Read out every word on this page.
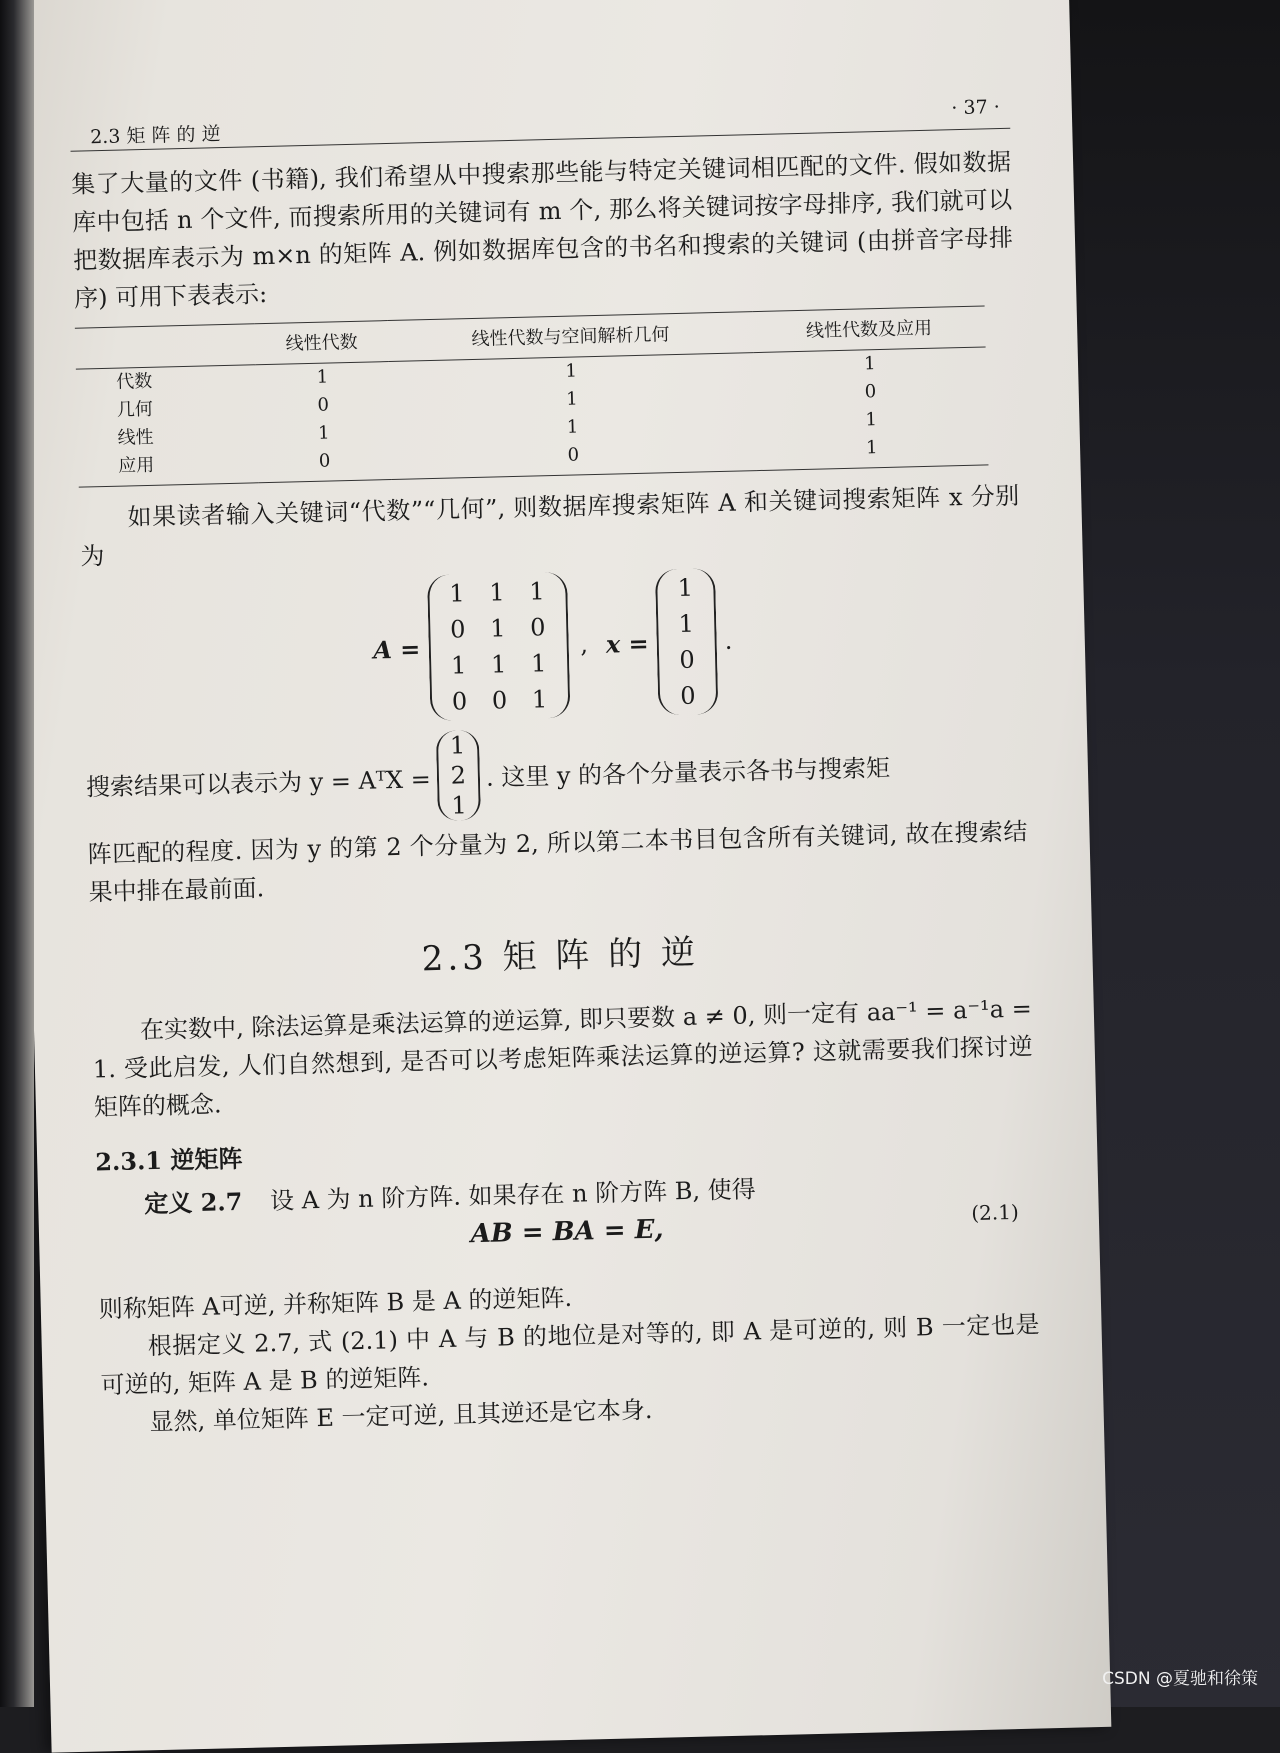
2.3 矩 阵 的 逆
· 37 ·

集了大量的文件 (书籍), 我们希望从中搜索那些能与特定关键词相匹配的文件. 假如数据库中包括 n 个文件, 而搜索所用的关键词有 m 个, 那么将关键词按字母排序, 我们就可以把数据库表示为 m×n 的矩阵 A. 例如数据库包含的书名和搜索的关键词 (由拼音字母排序) 可用下表表示:

	线性代数	线性代数与空间解析几何	线性代数及应用
代数	1	1	1
几何	0	1	0
线性	1	1	1
应用	0	0	1

如果读者输入关键词“代数”“几何”, 则数据库搜索矩阵 A 和关键词搜索矩阵 x 分别为

A =
1 1 1
0 1 0
1 1 1
0 0 1
, x =
1
1
0
0
.
搜索结果可以表示为 y = AᵀX =
1
2
1
. 这里 y 的各个分量表示各书与搜索矩

阵匹配的程度. 因为 y 的第 2 个分量为 2, 所以第二本书目包含所有关键词, 故在搜索结果中排在最前面.

2.3 矩 阵 的 逆

在实数中, 除法运算是乘法运算的逆运算, 即只要数 a ≠ 0, 则一定有 aa⁻¹ = a⁻¹a = 1. 受此启发, 人们自然想到, 是否可以考虑矩阵乘法运算的逆运算? 这就需要我们探讨逆矩阵的概念.

2.3.1 逆矩阵
定义 2.7 设 A 为 n 阶方阵. 如果存在 n 阶方阵 B, 使得
AB = BA = E,
(2.1)

则称矩阵 A可逆, 并称矩阵 B 是 A 的逆矩阵.

根据定义 2.7, 式 (2.1) 中 A 与 B 的地位是对等的, 即 A 是可逆的, 则 B 一定也是可逆的, 矩阵 A 是 B 的逆矩阵.

显然, 单位矩阵 E 一定可逆, 且其逆还是它本身.

CSDN @夏驰和徐策
